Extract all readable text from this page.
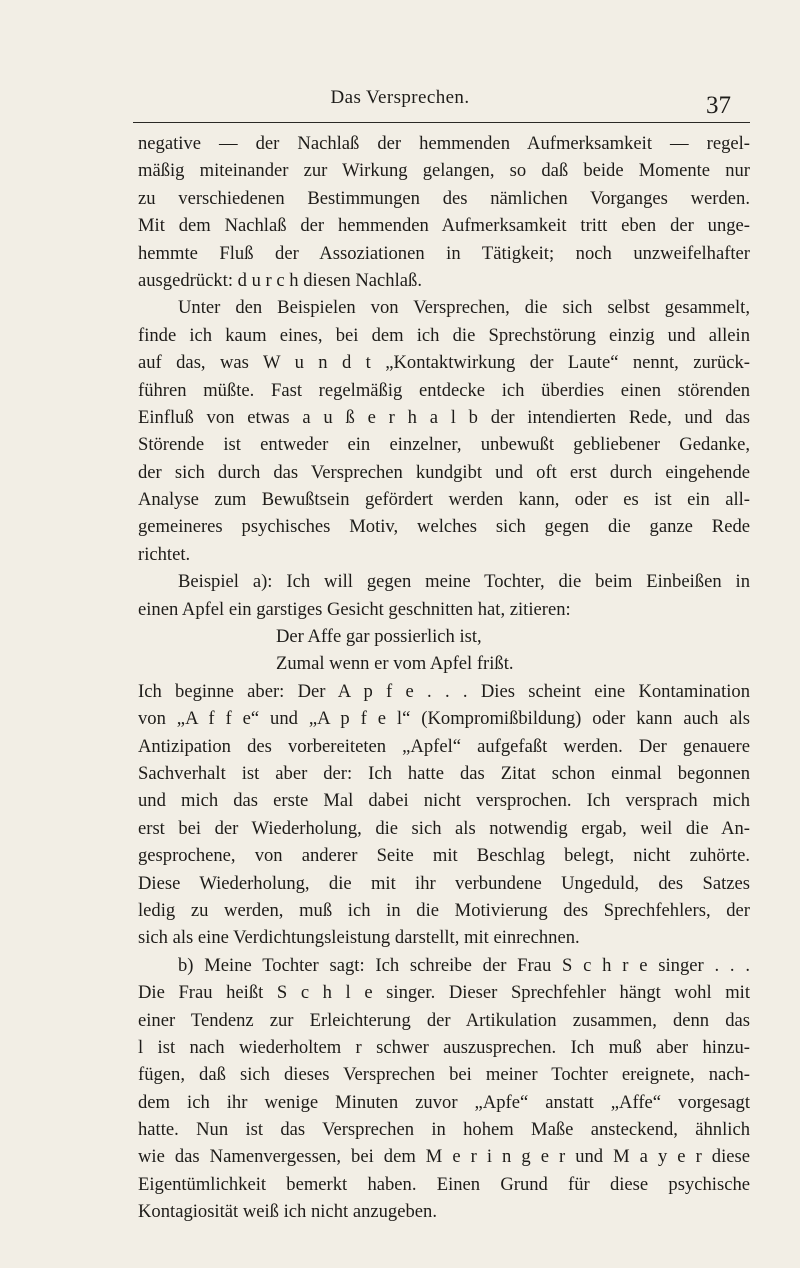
Das Versprechen.	37
negative — der Nachlaß der hemmenden Aufmerksamkeit — regel-
mäßig miteinander zur Wirkung gelangen, so daß beide Momente nur
zu verschiedenen Bestimmungen des nämlichen Vorganges werden.
Mit dem Nachlaß der hemmenden Aufmerksamkeit tritt eben der unge-
hemmte Fluß der Assoziationen in Tätigkeit; noch unzweifelhafter
ausgedrückt: d u r c h diesen Nachlaß.
Unter den Beispielen von Versprechen, die sich selbst gesammelt,
finde ich kaum eines, bei dem ich die Sprechstörung einzig und allein
auf das, was W u n d t „Kontaktwirkung der Laute“ nennt, zurück-
führen müßte. Fast regelmäßig entdecke ich überdies einen störenden
Einfluß von etwas a u ß e r h a l b der intendierten Rede, und das
Störende ist entweder ein einzelner, unbewußt gebliebener Gedanke,
der sich durch das Versprechen kundgibt und oft erst durch eingehende
Analyse zum Bewußtsein gefördert werden kann, oder es ist ein all-
gemeineres psychisches Motiv, welches sich gegen die ganze Rede
richtet.
Beispiel a): Ich will gegen meine Tochter, die beim Einbeißen in
einen Apfel ein garstiges Gesicht geschnitten hat, zitieren:
Der Affe gar possierlich ist,
Zumal wenn er vom Apfel frißt.
Ich beginne aber: Der A p f e . . . Dies scheint eine Kontamination
von „A f f e“ und „A p f e l“ (Kompromißbildung) oder kann auch als
Antizipation des vorbereiteten „Apfel“ aufgefaßt werden. Der genauere
Sachverhalt ist aber der: Ich hatte das Zitat schon einmal begonnen
und mich das erste Mal dabei nicht versprochen. Ich versprach mich
erst bei der Wiederholung, die sich als notwendig ergab, weil die An-
gesprochene, von anderer Seite mit Beschlag belegt, nicht zuhörte.
Diese Wiederholung, die mit ihr verbundene Ungeduld, des Satzes
ledig zu werden, muß ich in die Motivierung des Sprechfehlers, der
sich als eine Verdichtungsleistung darstellt, mit einrechnen.
b) Meine Tochter sagt: Ich schreibe der Frau S c h r e singer . . .
Die Frau heißt S c h l e singer. Dieser Sprechfehler hängt wohl mit
einer Tendenz zur Erleichterung der Artikulation zusammen, denn das
l ist nach wiederholtem r schwer auszusprechen. Ich muß aber hinzu-
fügen, daß sich dieses Versprechen bei meiner Tochter ereignete, nach-
dem ich ihr wenige Minuten zuvor „Apfe“ anstatt „Affe“ vorgesagt
hatte. Nun ist das Versprechen in hohem Maße ansteckend, ähnlich
wie das Namenvergessen, bei dem M e r i n g e r und M a y e r diese
Eigentümlichkeit bemerkt haben. Einen Grund für diese psychische
Kontagiosität weiß ich nicht anzugeben.
